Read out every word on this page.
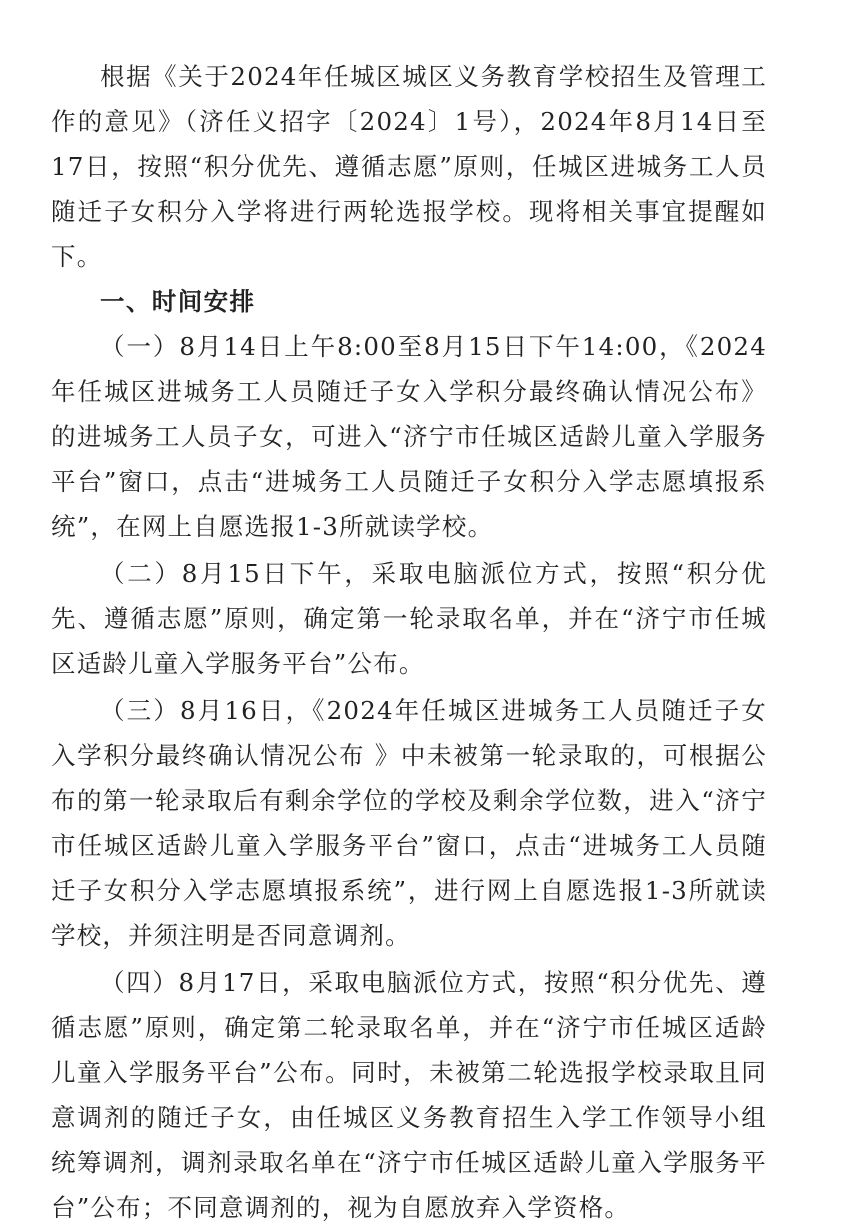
根据《关于2024年任城区城区义务教育学校招生及管理工作的意见》（济任义招字〔2024〕1号），2024年8月14日至17日，按照“积分优先、遵循志愿”原则，任城区进城务工人员随迁子女积分入学将进行两轮选报学校。现将相关事宜提醒如下。

一、时间安排

（一）8月14日上午8:00至8月15日下午14:00，《2024年任城区进城务工人员随迁子女入学积分最终确认情况公布》的进城务工人员子女，可进入“济宁市任城区适龄儿童入学服务平台”窗口，点击“进城务工人员随迁子女积分入学志愿填报系统”，在网上自愿选报1-3所就读学校。

（二）8月15日下午，采取电脑派位方式，按照“积分优先、遵循志愿”原则，确定第一轮录取名单，并在“济宁市任城区适龄儿童入学服务平台”公布。

（三）8月16日，《2024年任城区进城务工人员随迁子女入学积分最终确认情况公布 》中未被第一轮录取的，可根据公布的第一轮录取后有剩余学位的学校及剩余学位数，进入“济宁市任城区适龄儿童入学服务平台”窗口，点击“进城务工人员随迁子女积分入学志愿填报系统”，进行网上自愿选报1-3所就读学校，并须注明是否同意调剂。

（四）8月17日，采取电脑派位方式，按照“积分优先、遵循志愿”原则，确定第二轮录取名单，并在“济宁市任城区适龄儿童入学服务平台”公布。同时，未被第二轮选报学校录取且同意调剂的随迁子女，由任城区义务教育招生入学工作领导小组统筹调剂，调剂录取名单在“济宁市任城区适龄儿童入学服务平台”公布；不同意调剂的，视为自愿放弃入学资格。
